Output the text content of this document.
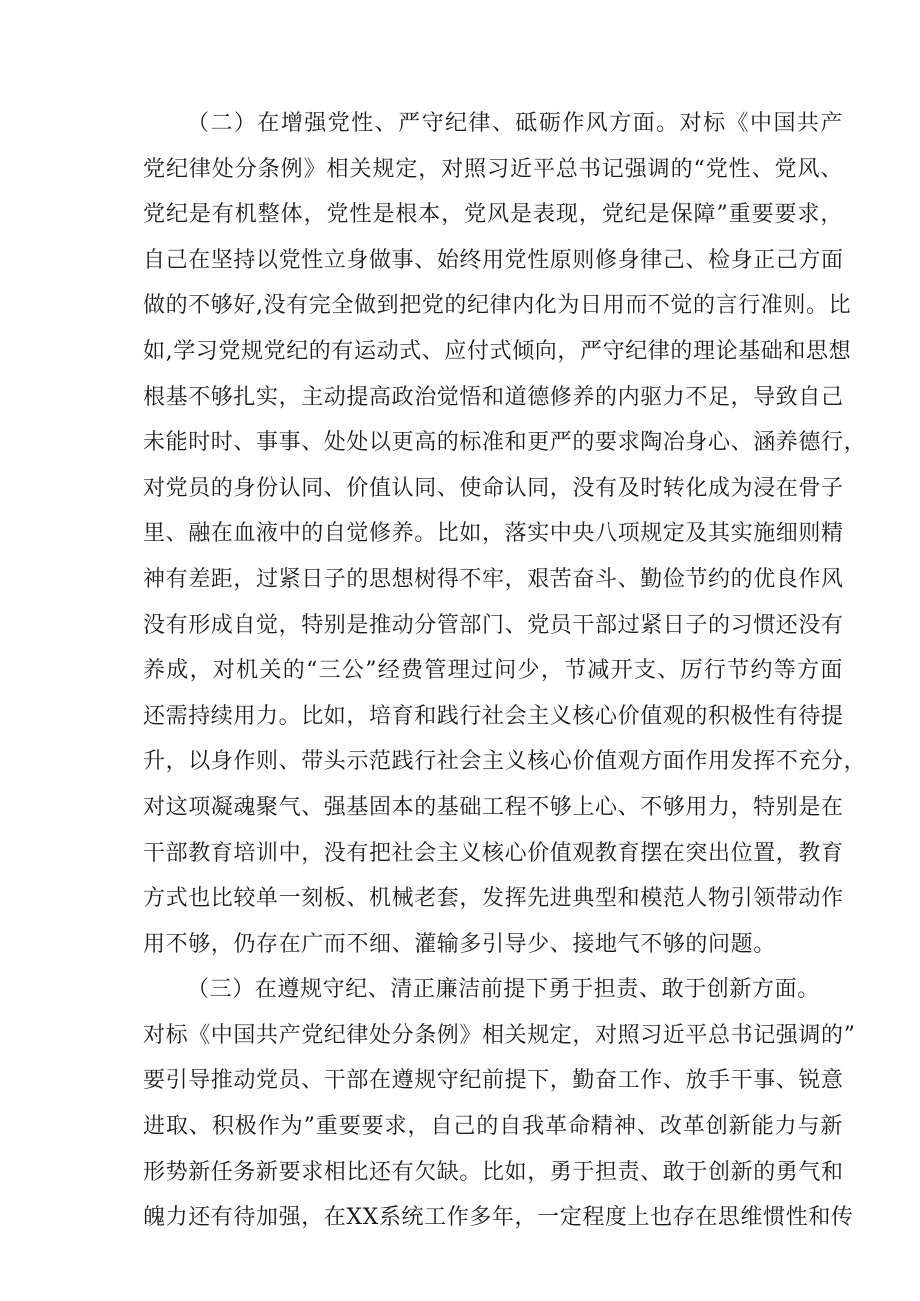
（二）在增强党性、严守纪律、砥砺作风方面。对标《中国共产
党纪律处分条例》相关规定，对照习近平总书记强调的“党性、党风、
党纪是有机整体，党性是根本，党风是表现，党纪是保障”重要要求，
自己在坚持以党性立身做事、始终用党性原则修身律己、检身正己方面
做的不够好,没有完全做到把党的纪律内化为日用而不觉的言行准则。比
如,学习党规党纪的有运动式、应付式倾向，严守纪律的理论基础和思想
根基不够扎实，主动提高政治觉悟和道德修养的内驱力不足，导致自己
未能时时、事事、处处以更高的标准和更严的要求陶冶身心、涵养德行，
对党员的身份认同、价值认同、使命认同，没有及时转化成为浸在骨子
里、融在血液中的自觉修养。比如，落实中央八项规定及其实施细则精
神有差距，过紧日子的思想树得不牢，艰苦奋斗、勤俭节约的优良作风
没有形成自觉，特别是推动分管部门、党员干部过紧日子的习惯还没有
养成，对机关的“三公”经费管理过问少，节减开支、厉行节约等方面
还需持续用力。比如，培育和践行社会主义核心价值观的积极性有待提
升，以身作则、带头示范践行社会主义核心价值观方面作用发挥不充分，
对这项凝魂聚气、强基固本的基础工程不够上心、不够用力，特别是在
干部教育培训中，没有把社会主义核心价值观教育摆在突出位置，教育
方式也比较单一刻板、机械老套，发挥先进典型和模范人物引领带动作
用不够，仍存在广而不细、灌输多引导少、接地气不够的问题。
（三）在遵规守纪、清正廉洁前提下勇于担责、敢于创新方面。
对标《中国共产党纪律处分条例》相关规定，对照习近平总书记强调的”
要引导推动党员、干部在遵规守纪前提下，勤奋工作、放手干事、锐意
进取、积极作为”重要要求，自己的自我革命精神、改革创新能力与新
形势新任务新要求相比还有欠缺。比如，勇于担责、敢于创新的勇气和
魄力还有待加强，在XX系统工作多年，一定程度上也存在思维惯性和传
